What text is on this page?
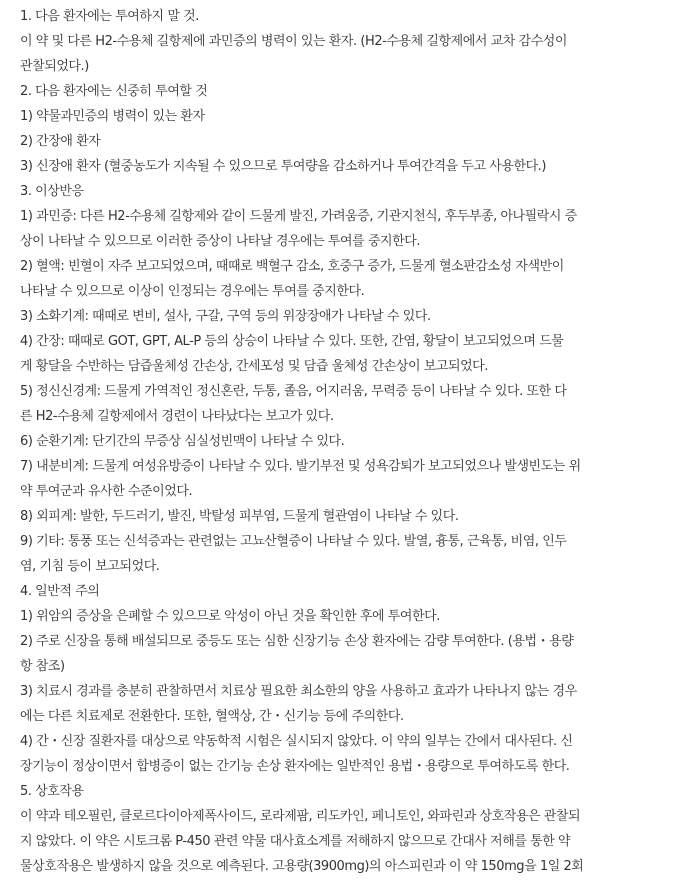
1. 다음 환자에는 투여하지 말 것.

이 약 및 다른 H2-수용체 길항제에 과민증의 병력이 있는 환자. (H2-수용체 길항제에서 교차 감수성이

관찰되었다.)

2. 다음 환자에는 신중히 투여할 것

1) 약물과민증의 병력이 있는 환자

2) 간장애 환자

3) 신장애 환자 (혈중농도가 지속될 수 있으므로 투여량을 감소하거나 투여간격을 두고 사용한다.)

3. 이상반응

1) 과민증: 다른 H2-수용체 길항제와 같이 드물게 발진, 가려움증, 기관지천식, 후두부종, 아나필락시 증

상이 나타날 수 있으므로 이러한 증상이 나타날 경우에는 투여를 중지한다.

2) 혈액: 빈혈이 자주 보고되었으며, 때때로 백혈구 감소, 호중구 증가, 드물게 혈소판감소성 자색반이

나타날 수 있으므로 이상이 인정되는 경우에는 투여를 중지한다.

3) 소화기계: 때때로 변비, 설사, 구갈, 구역 등의 위장장애가 나타날 수 있다.

4) 간장: 때때로 GOT, GPT, AL-P 등의 상승이 나타날 수 있다. 또한, 간염, 황달이 보고되었으며 드물

게 황달을 수반하는 담즙울체성 간손상, 간세포성 및 담즙 울체성 간손상이 보고되었다.

5) 정신신경계: 드물게 가역적인 정신혼란, 두통, 졸음, 어지러움, 무력증 등이 나타날 수 있다. 또한 다

른 H2-수용체 길항제에서 경련이 나타났다는 보고가 있다.

6) 순환기계: 단기간의 무증상 심실성빈맥이 나타날 수 있다.

7) 내분비계: 드물게 여성유방증이 나타날 수 있다. 발기부전 및 성욕감퇴가 보고되었으나 발생빈도는 위

약 투여군과 유사한 수준이었다.

8) 외피계: 발한, 두드러기, 발진, 박탈성 피부염, 드물게 혈관염이 나타날 수 있다.

9) 기타: 통풍 또는 신석증과는 관련없는 고뇨산혈증이 나타날 수 있다. 발열, 흉통, 근육통, 비염, 인두

염, 기침 등이 보고되었다.

4. 일반적 주의

1) 위암의 증상을 은폐할 수 있으므로 악성이 아닌 것을 확인한 후에 투여한다.

2) 주로 신장을 통해 배설되므로 중등도 또는 심한 신장기능 손상 환자에는 감량 투여한다. (용법・용량

항 참조)

3) 치료시 경과를 충분히 관찰하면서 치료상 필요한 최소한의 양을 사용하고 효과가 나타나지 않는 경우

에는 다른 치료제로 전환한다. 또한, 혈액상, 간・신기능 등에 주의한다.

4) 간・신장 질환자를 대상으로 약동학적 시험은 실시되지 않았다. 이 약의 일부는 간에서 대사된다. 신

장기능이 정상이면서 합병증이 없는 간기능 손상 환자에는 일반적인 용법・용량으로 투여하도록 한다.

5. 상호작용

이 약과 테오필린, 클로르다이아제폭사이드, 로라제팜, 리도카인, 페니토인, 와파린과 상호작용은 관찰되

지 않았다. 이 약은 시토크롬 P-450 관련 약물 대사효소계를 저해하지 않으므로 간대사 저해를 통한 약

물상호작용은 발생하지 않을 것으로 예측된다. 고용량(3900mg)의 아스피린과 이 약 150mg을 1일 2회
